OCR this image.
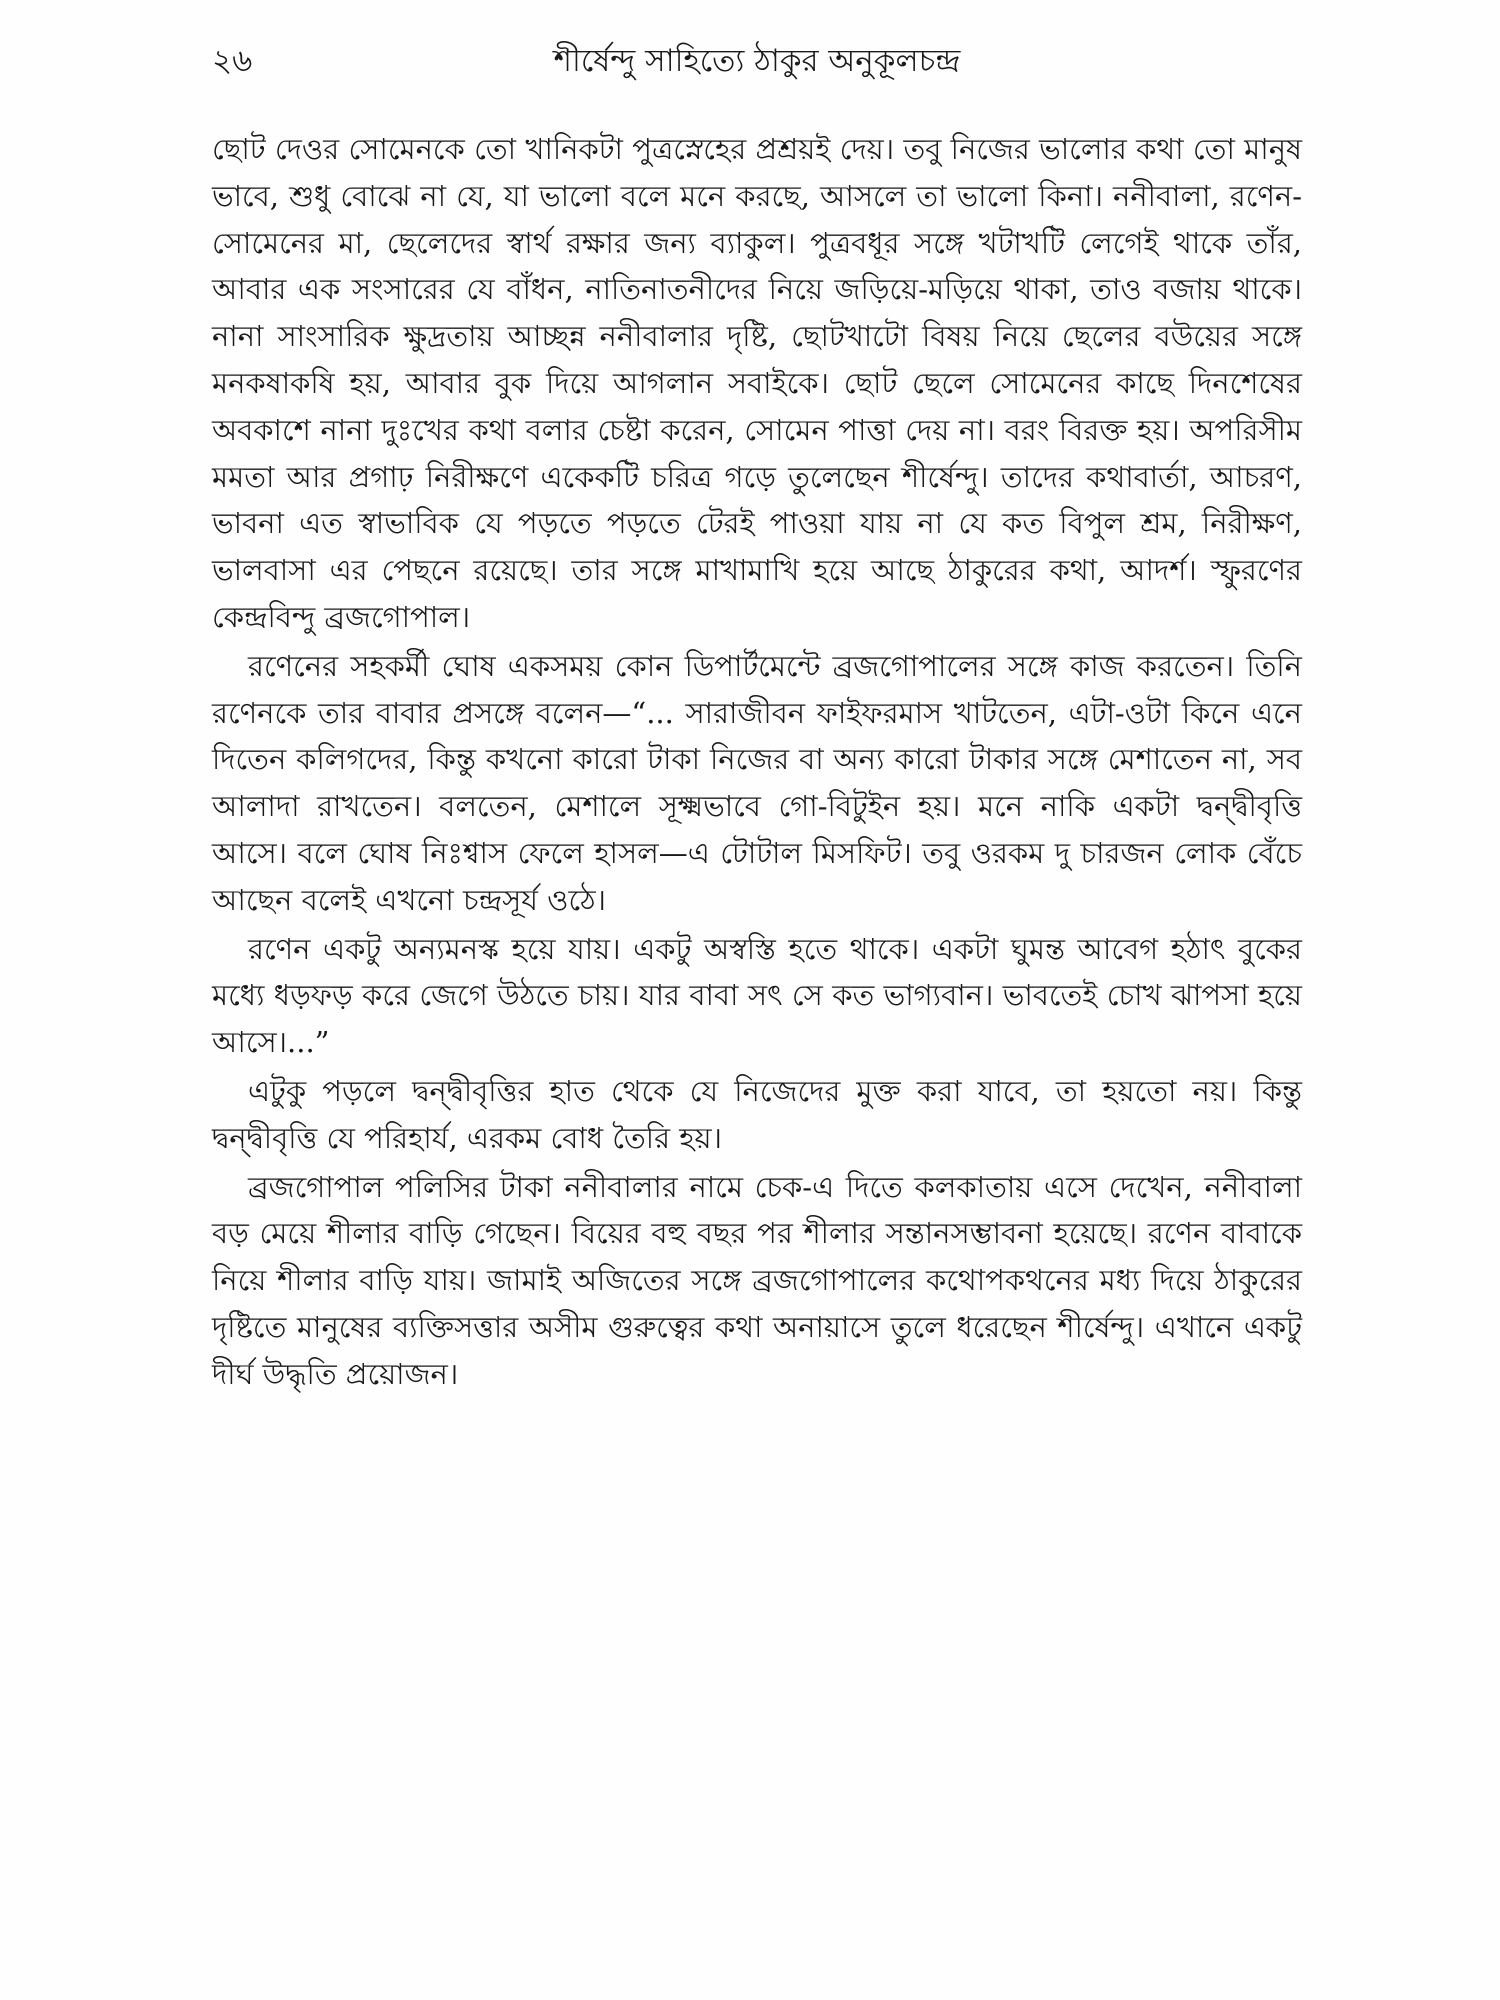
২৬	শীর্ষেন্দু সাহিত্যে ঠাকুর অনুকূলচন্দ্র

ছোট দেওর সোমেনকে তো খানিকটা পুত্রস্নেহের প্রশ্রয়ই দেয়। তবু নিজের ভালোর কথা তো মানুষ ভাবে, শুধু বোঝে না যে, যা ভালো বলে মনে করছে, আসলে তা ভালো কিনা। ননীবালা, রণেন-সোমেনের মা, ছেলেদের স্বার্থ রক্ষার জন্য ব্যাকুল। পুত্রবধূর সঙ্গে খটাখটি লেগেই থাকে তাঁর, আবার এক সংসারের যে বাঁধন, নাতিনাতনীদের নিয়ে জড়িয়ে-মড়িয়ে থাকা, তাও বজায় থাকে। নানা সাংসারিক ক্ষুদ্রতায় আচ্ছন্ন ননীবালার দৃষ্টি, ছোটখাটো বিষয় নিয়ে ছেলের বউয়ের সঙ্গে মনকষাকষি হয়, আবার বুক দিয়ে আগলান সবাইকে। ছোট ছেলে সোমেনের কাছে দিনশেষের অবকাশে নানা দুঃখের কথা বলার চেষ্টা করেন, সোমেন পাত্তা দেয় না। বরং বিরক্ত হয়। অপরিসীম মমতা আর প্রগাঢ় নিরীক্ষণে একেকটি চরিত্র গড়ে তুলেছেন শীর্ষেন্দু। তাদের কথাবার্তা, আচরণ, ভাবনা এত স্বাভাবিক যে পড়তে পড়তে টেরই পাওয়া যায় না যে কত বিপুল শ্রম, নিরীক্ষণ, ভালবাসা এর পেছনে রয়েছে। তার সঙ্গে মাখামাখি হয়ে আছে ঠাকুরের কথা, আদর্শ। স্ফুরণের কেন্দ্রবিন্দু ব্রজগোপাল।

রণেনের সহকর্মী ঘোষ একসময় কোন ডিপার্টমেন্টে ব্রজগোপালের সঙ্গে কাজ করতেন। তিনি রণেনকে তার বাবার প্রসঙ্গে বলেন—“... সারাজীবন ফাইফরমাস খাটতেন, এটা-ওটা কিনে এনে দিতেন কলিগদের, কিন্তু কখনো কারো টাকা নিজের বা অন্য কারো টাকার সঙ্গে মেশাতেন না, সব আলাদা রাখতেন। বলতেন, মেশালে সূক্ষ্মভাবে গো-বিটুইন হয়। মনে নাকি একটা দ্বন্দ্বীবৃত্তি আসে। বলে ঘোষ নিঃশ্বাস ফেলে হাসল—এ টোটাল মিসফিট। তবু ওরকম দু চারজন লোক বেঁচে আছেন বলেই এখনো চন্দ্রসূর্য ওঠে।

রণেন একটু অন্যমনস্ক হয়ে যায়। একটু অস্বস্তি হতে থাকে। একটা ঘুমন্ত আবেগ হঠাৎ বুকের মধ্যে ধড়ফড় করে জেগে উঠতে চায়। যার বাবা সৎ সে কত ভাগ্যবান। ভাবতেই চোখ ঝাপসা হয়ে আসে।...”

এটুকু পড়লে দ্বন্দ্বীবৃত্তির হাত থেকে যে নিজেদের মুক্ত করা যাবে, তা হয়তো নয়। কিন্তু দ্বন্দ্বীবৃত্তি যে পরিহার্য, এরকম বোধ তৈরি হয়।

ব্রজগোপাল পলিসির টাকা ননীবালার নামে চেক-এ দিতে কলকাতায় এসে দেখেন, ননীবালা বড় মেয়ে শীলার বাড়ি গেছেন। বিয়ের বহু বছর পর শীলার সন্তানসম্ভাবনা হয়েছে। রণেন বাবাকে নিয়ে শীলার বাড়ি যায়। জামাই অজিতের সঙ্গে ব্রজগোপালের কথোপকথনের মধ্য দিয়ে ঠাকুরের দৃষ্টিতে মানুষের ব্যক্তিসত্তার অসীম গুরুত্বের কথা অনায়াসে তুলে ধরেছেন শীর্ষেন্দু। এখানে একটু দীর্ঘ উদ্ধৃতি প্রয়োজন।
